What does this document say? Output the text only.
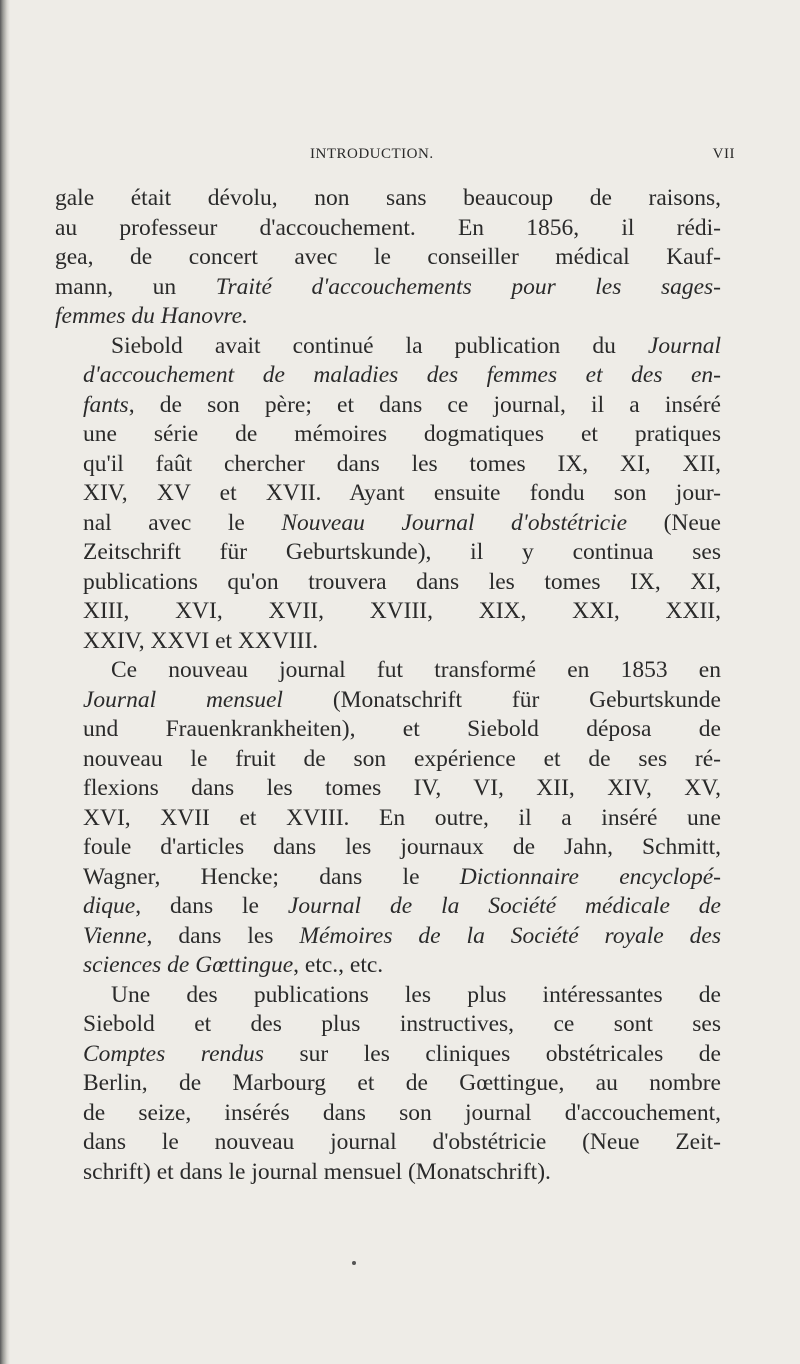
INTRODUCTION.	VII

gale était dévolu, non sans beaucoup de raisons,
au professeur d'accouchement. En 1856, il rédi-
gea, de concert avec le conseiller médical Kauf-
mann, un Traité d'accouchements pour les sages-
femmes du Hanovre.

Siebold avait continué la publication du Journal
d'accouchement de maladies des femmes et des en-
fants, de son père; et dans ce journal, il a inséré
une série de mémoires dogmatiques et pratiques
qu'il faût chercher dans les tomes IX, XI, XII,
XIV, XV et XVII. Ayant ensuite fondu son jour-
nal avec le Nouveau Journal d'obstétricie (Neue
Zeitschrift für Geburtskunde), il y continua ses
publications qu'on trouvera dans les tomes IX, XI,
XIII, XVI, XVII, XVIII, XIX, XXI, XXII,
XXIV, XXVI et XXVIII.

Ce nouveau journal fut transformé en 1853 en
Journal mensuel (Monatschrift für Geburtskunde
und Frauenkrankheiten), et Siebold déposa de
nouveau le fruit de son expérience et de ses ré-
flexions dans les tomes IV, VI, XII, XIV, XV,
XVI, XVII et XVIII. En outre, il a inséré une
foule d'articles dans les journaux de Jahn, Schmitt,
Wagner, Hencke; dans le Dictionnaire encyclopé-
dique, dans le Journal de la Société médicale de
Vienne, dans les Mémoires de la Société royale des
sciences de Gœttingue, etc., etc.

Une des publications les plus intéressantes de
Siebold et des plus instructives, ce sont ses
Comptes rendus sur les cliniques obstétricales de
Berlin, de Marbourg et de Gœttingue, au nombre
de seize, insérés dans son journal d'accouchement,
dans le nouveau journal d'obstétricie (Neue Zeit-
schrift) et dans le journal mensuel (Monatschrift).
